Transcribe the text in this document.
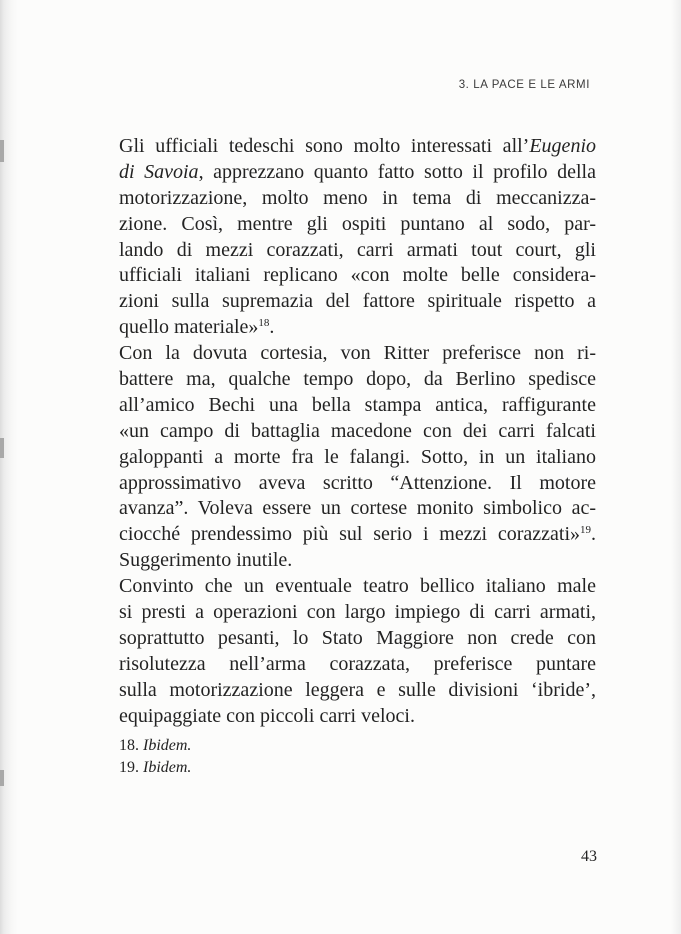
3. LA PACE E LE ARMI
Gli ufficiali tedeschi sono molto interessati all’Eugenio
di Savoia, apprezzano quanto fatto sotto il profilo della
motorizzazione, molto meno in tema di meccanizza-
zione. Così, mentre gli ospiti puntano al sodo, par-
lando di mezzi corazzati, carri armati tout court, gli
ufficiali italiani replicano «con molte belle considera-
zioni sulla supremazia del fattore spirituale rispetto a
quello materiale»$^{18}$.
Con la dovuta cortesia, von Ritter preferisce non ri-
battere ma, qualche tempo dopo, da Berlino spedisce
all’amico Bechi una bella stampa antica, raffigurante
«un campo di battaglia macedone con dei carri falcati
galoppanti a morte fra le falangi. Sotto, in un italiano
approssimativo aveva scritto “Attenzione. Il motore
avanza”. Voleva essere un cortese monito simbolico ac-
ciocché prendessimo più sul serio i mezzi corazzati»$^{19}$.
Suggerimento inutile.
Convinto che un eventuale teatro bellico italiano male
si presti a operazioni con largo impiego di carri armati,
soprattutto pesanti, lo Stato Maggiore non crede con
risolutezza nell’arma corazzata, preferisce puntare
sulla motorizzazione leggera e sulle divisioni ‘ibride’,
equipaggiate con piccoli carri veloci.
18. Ibidem.
19. Ibidem.
43
